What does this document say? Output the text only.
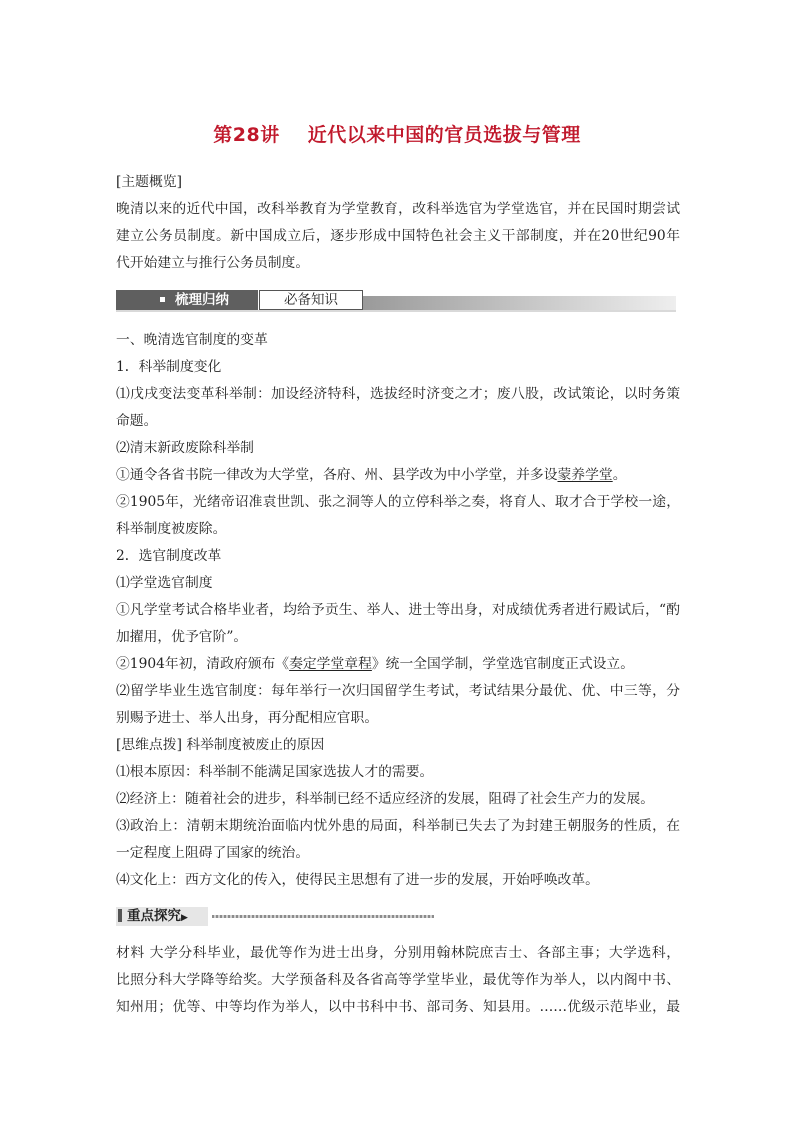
第28讲 近代以来中国的官员选拔与管理
[主题概览]
晚清以来的近代中国，改科举教育为学堂教育，改科举选官为学堂选官，并在民国时期尝试
建立公务员制度。新中国成立后，逐步形成中国特色社会主义干部制度，并在20世纪90年
代开始建立与推行公务员制度。
梳理归纳	必备知识
一、晚清选官制度的变革
1．科举制度变化
⑴戊戌变法变革科举制：加设经济特科，选拔经时济变之才；废八股，改试策论，以时务策
命题。
⑵清末新政废除科举制
①通令各省书院一律改为大学堂，各府、州、县学改为中小学堂，并多设蒙养学堂。
②1905年，光绪帝诏准袁世凯、张之洞等人的立停科举之奏，将育人、取才合于学校一途，
科举制度被废除。
2．选官制度改革
⑴学堂选官制度
①凡学堂考试合格毕业者，均给予贡生、举人、进士等出身，对成绩优秀者进行殿试后，“酌
加擢用，优予官阶”。
②1904年初，清政府颁布《奏定学堂章程》统一全国学制，学堂选官制度正式设立。
⑵留学毕业生选官制度：每年举行一次归国留学生考试，考试结果分最优、优、中三等，分
别赐予进士、举人出身，再分配相应官职。
[思维点拨] 科举制度被废止的原因
⑴根本原因：科举制不能满足国家选拔人才的需要。
⑵经济上：随着社会的进步，科举制已经不适应经济的发展，阻碍了社会生产力的发展。
⑶政治上：清朝末期统治面临内忧外患的局面，科举制已失去了为封建王朝服务的性质，在
一定程度上阻碍了国家的统治。
⑷文化上：西方文化的传入，使得民主思想有了进一步的发展，开始呼唤改革。
重点探究▶
材料 大学分科毕业，最优等作为进士出身，分别用翰林院庶吉士、各部主事；大学选科，
比照分科大学降等给奖。大学预备科及各省高等学堂毕业，最优等作为举人，以内阁中书、
知州用；优等、中等均作为举人，以中书科中书、部司务、知县用。……优级示范毕业，最
